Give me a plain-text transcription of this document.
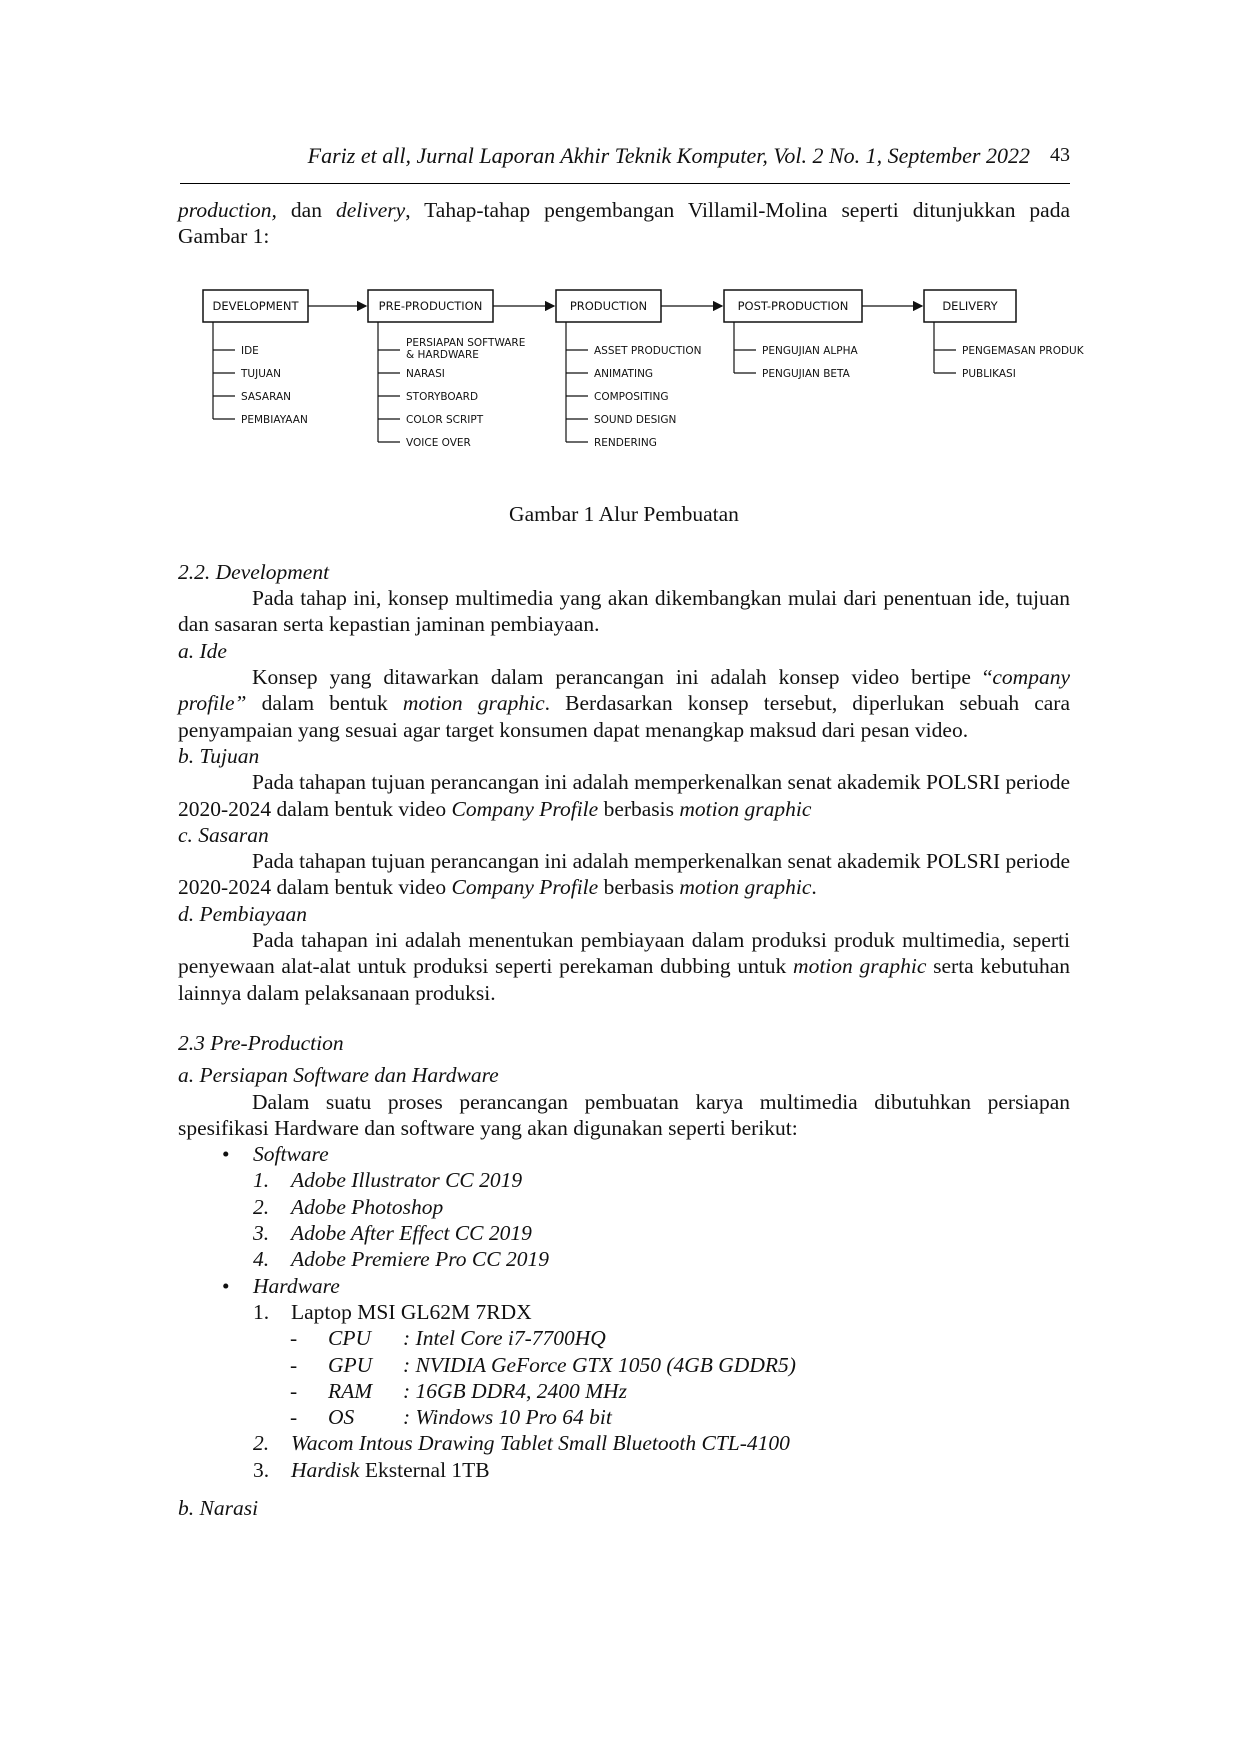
Fariz et all, Jurnal Laporan Akhir Teknik Komputer, Vol. 2 No. 1, September 2022 43

production, dan delivery, Tahap-tahap pengembangan Villamil-Molina seperti ditunjukkan pada Gambar 1:

DEVELOPMENT
IDE
TUJUAN
SASARAN
PEMBIAYAAN
PRE-PRODUCTION
PERSIAPAN SOFTWARE
& HARDWARE
NARASI
STORYBOARD
COLOR SCRIPT
VOICE OVER
PRODUCTION
ASSET PRODUCTION
ANIMATING
COMPOSITING
SOUND DESIGN
RENDERING
POST-PRODUCTION
PENGUJIAN ALPHA
PENGUJIAN BETA
DELIVERY
PENGEMASAN PRODUK
PUBLIKASI
Gambar 1 Alur Pembuatan

2.2. Development

Pada tahap ini, konsep multimedia yang akan dikembangkan mulai dari penentuan ide, tujuan dan sasaran serta kepastian jaminan pembiayaan.

a. Ide

Konsep yang ditawarkan dalam perancangan ini adalah konsep video bertipe “company profile” dalam bentuk motion graphic. Berdasarkan konsep tersebut, diperlukan sebuah cara penyampaian yang sesuai agar target konsumen dapat menangkap maksud dari pesan video.

b. Tujuan

Pada tahapan tujuan perancangan ini adalah memperkenalkan senat akademik POLSRI periode 2020-2024 dalam bentuk video Company Profile berbasis motion graphic

c. Sasaran

Pada tahapan tujuan perancangan ini adalah memperkenalkan senat akademik POLSRI periode 2020-2024 dalam bentuk video Company Profile berbasis motion graphic.

d. Pembiayaan

Pada tahapan ini adalah menentukan pembiayaan dalam produksi produk multimedia, seperti penyewaan alat-alat untuk produksi seperti perekaman dubbing untuk motion graphic serta kebutuhan lainnya dalam pelaksanaan produksi.

2.3 Pre-Production

a. Persiapan Software dan Hardware

Dalam suatu proses perancangan pembuatan karya multimedia dibutuhkan persiapan spesifikasi Hardware dan software yang akan digunakan seperti berikut:

• Software
1. Adobe Illustrator CC 2019
2. Adobe Photoshop
3. Adobe After Effect CC 2019
4. Adobe Premiere Pro CC 2019
• Hardware
1. Laptop MSI GL62M 7RDX
- CPU : Intel Core i7-7700HQ
- GPU : NVIDIA GeForce GTX 1050 (4GB GDDR5)
- RAM : 16GB DDR4, 2400 MHz
- OS : Windows 10 Pro 64 bit
2. Wacom Intous Drawing Tablet Small Bluetooth CTL-4100
3. Hardisk Eksternal 1TB

b. Narasi
